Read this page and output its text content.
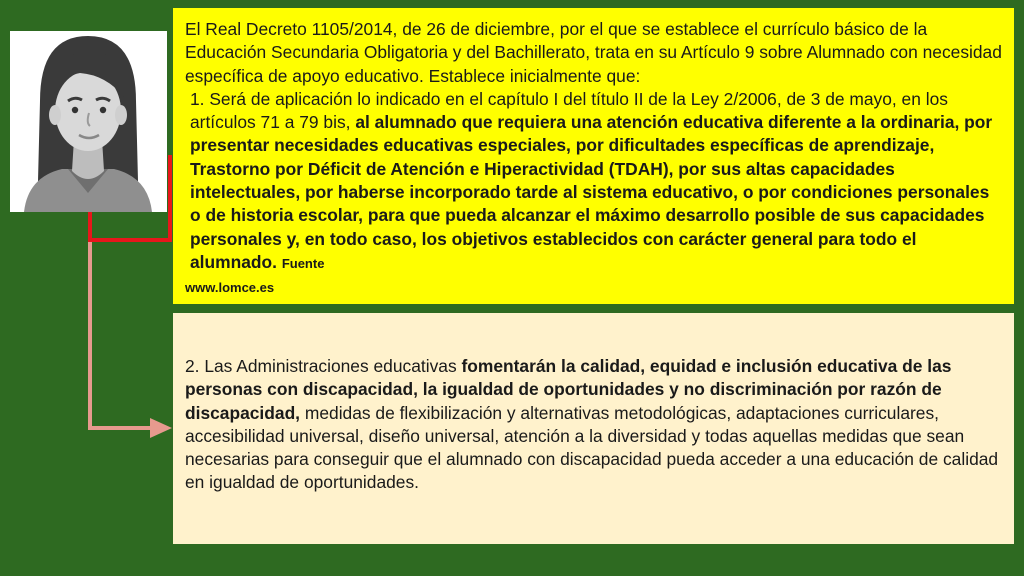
El Real Decreto 1105/2014, de 26 de diciembre, por el que se establece el currículo básico de la Educación Secundaria Obligatoria y del Bachillerato, trata en su Artículo 9 sobre Alumnado con necesidad específica de apoyo educativo. Establece inicialmente que:

1. Será de aplicación lo indicado en el capítulo I del título II de la Ley 2/2006, de 3 de mayo, en los artículos 71 a 79 bis, al alumnado que requiera una atención educativa diferente a la ordinaria, por presentar necesidades educativas especiales, por dificultades específicas de aprendizaje, Trastorno por Déficit de Atención e Hiperactividad (TDAH), por sus altas capacidades intelectuales, por haberse incorporado tarde al sistema educativo, o por condiciones personales o de historia escolar, para que pueda alcanzar el máximo desarrollo posible de sus capacidades personales y, en todo caso, los objetivos establecidos con carácter general para todo el alumnado. Fuente

www.lomce.es

2. Las Administraciones educativas fomentarán la calidad, equidad e inclusión educativa de las personas con discapacidad, la igualdad de oportunidades y no discriminación por razón de discapacidad, medidas de flexibilización y alternativas metodológicas, adaptaciones curriculares, accesibilidad universal, diseño universal, atención a la diversidad y todas aquellas medidas que sean necesarias para conseguir que el alumnado con discapacidad pueda acceder a una educación de calidad en igualdad de oportunidades.
